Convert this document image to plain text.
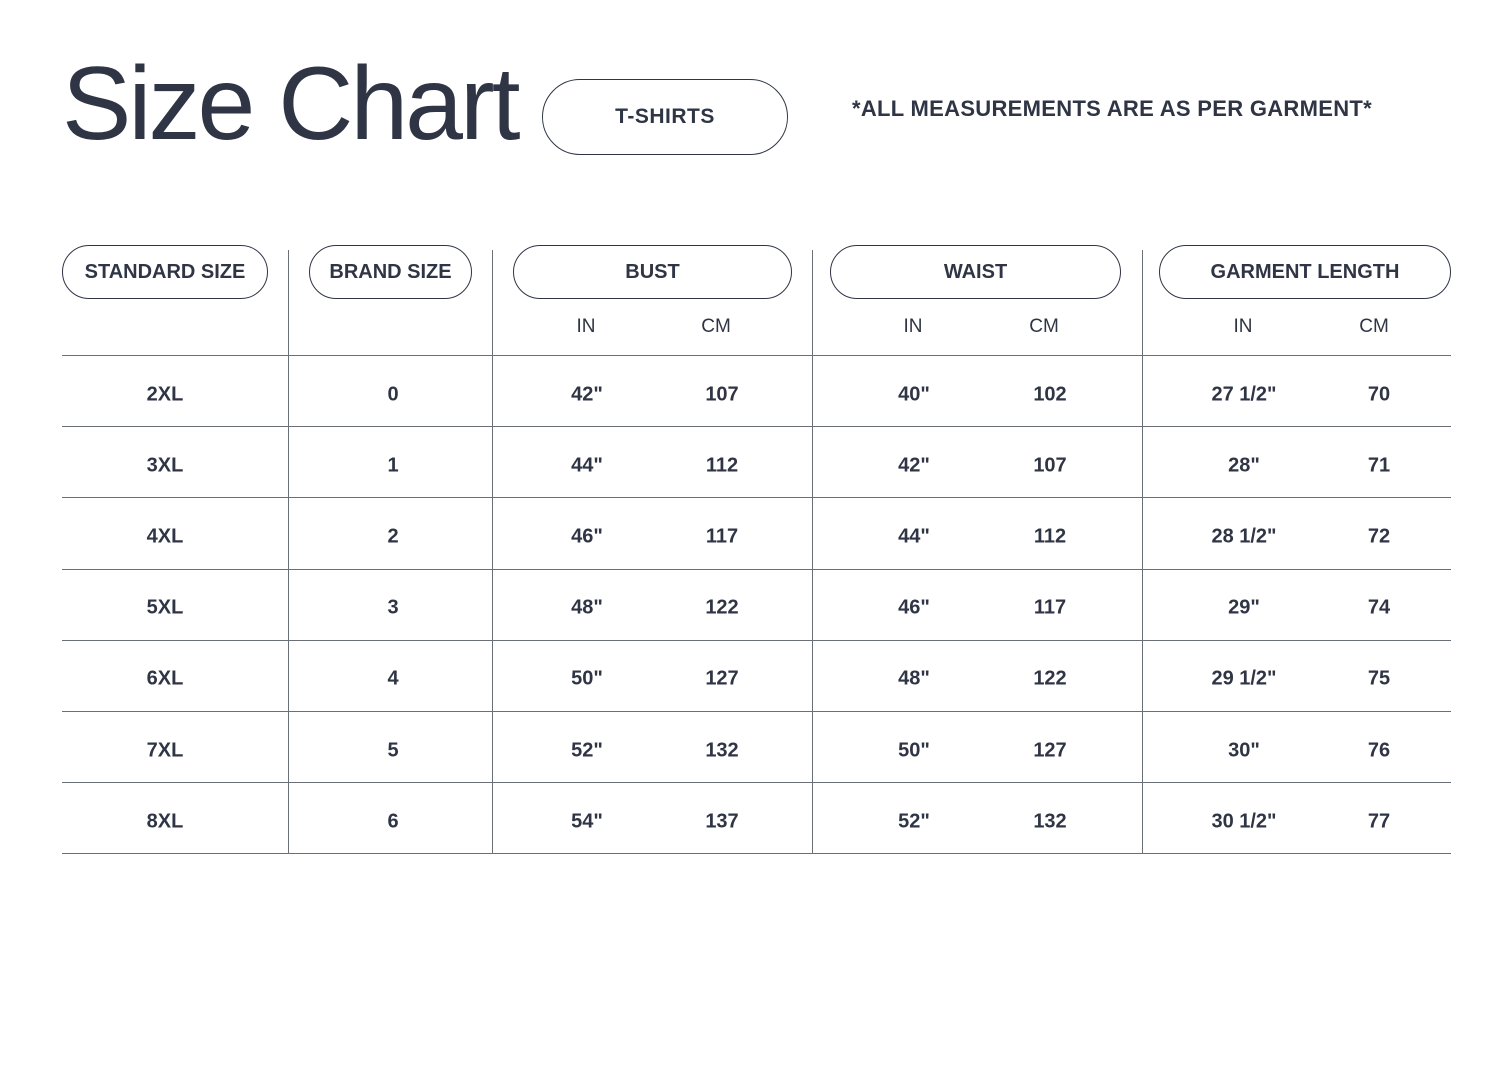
Size Chart	T-SHIRTS	*ALL MEASUREMENTS ARE AS PER GARMENT*
STANDARD SIZE	BRAND SIZE	BUST	WAIST	GARMENT LENGTH
IN	CM	IN	CM	IN	CM
2XL	0	42"	107	40"	102	27 1/2"	70
3XL	1	44"	112	42"	107	28"	71
4XL	2	46"	117	44"	112	28 1/2"	72
5XL	3	48"	122	46"	117	29"	74
6XL	4	50"	127	48"	122	29 1/2"	75
7XL	5	52"	132	50"	127	30"	76
8XL	6	54"	137	52"	132	30 1/2"	77
